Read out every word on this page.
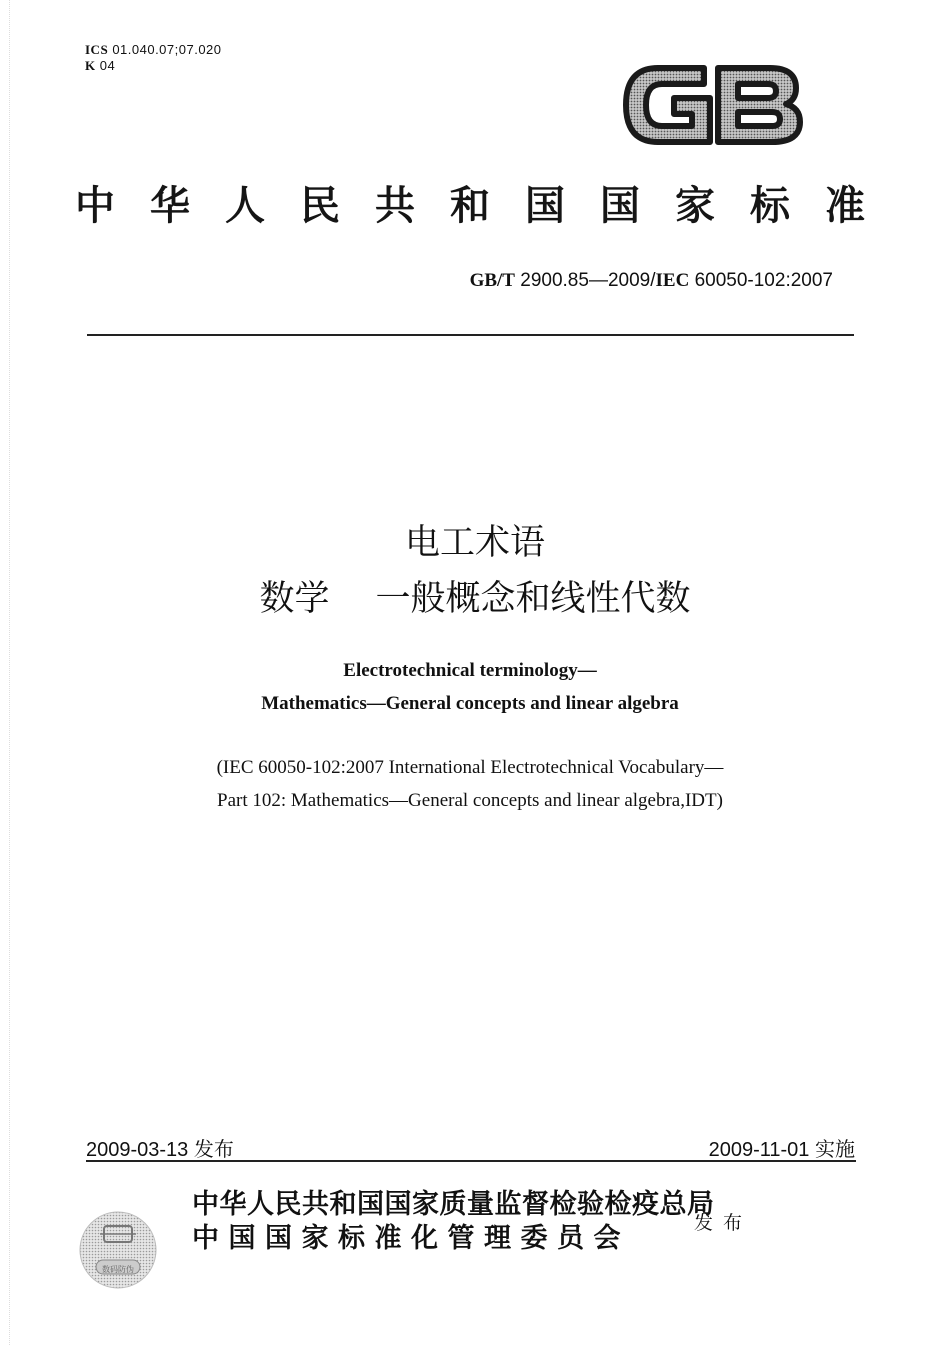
ICS 01.040.07;07.020
K 04	GB
中华人民共和国国家标准
GB/T 2900.85—2009/IEC 60050-102:2007
电工术语
数学 一般概念和线性代数
Electrotechnical terminology—
Mathematics—General concepts and linear algebra
(IEC 60050-102:2007 International Electrotechnical Vocabulary—
Part 102: Mathematics—General concepts and linear algebra,IDT)
2009-03-13 发布	2009-11-01 实施
数码防伪
中华人民共和国国家质量监督检验检疫总局
中国国家标准化管理委员会	发布
